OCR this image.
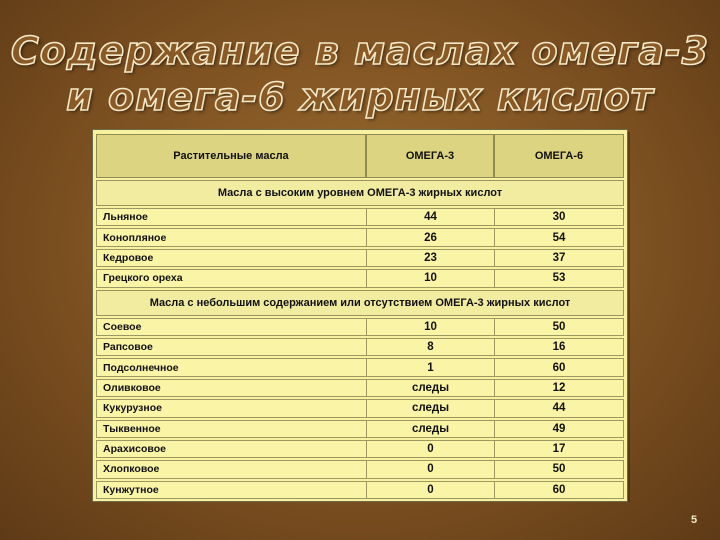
Содержание в маслах омега-3
и омега-6 жирных кислот
Растительные масла	ОМЕГА-3	ОМЕГА-6
Масла с высоким уровнем ОМЕГА-3 жирных кислот		
Льняное	44	30
Конопляное	26	54
Кедровое	23	37
Грецкого ореха	10	53
Масла с небольшим содержанием или отсутствием ОМЕГА-3 жирных кислот		
Соевое	10	50
Рапсовое	8	16
Подсолнечное	1	60
Оливковое	следы	12
Кукурузное	следы	44
Тыквенное	следы	49
Арахисовое	0	17
Хлопковое	0	50
Кунжутное	0	60
5
